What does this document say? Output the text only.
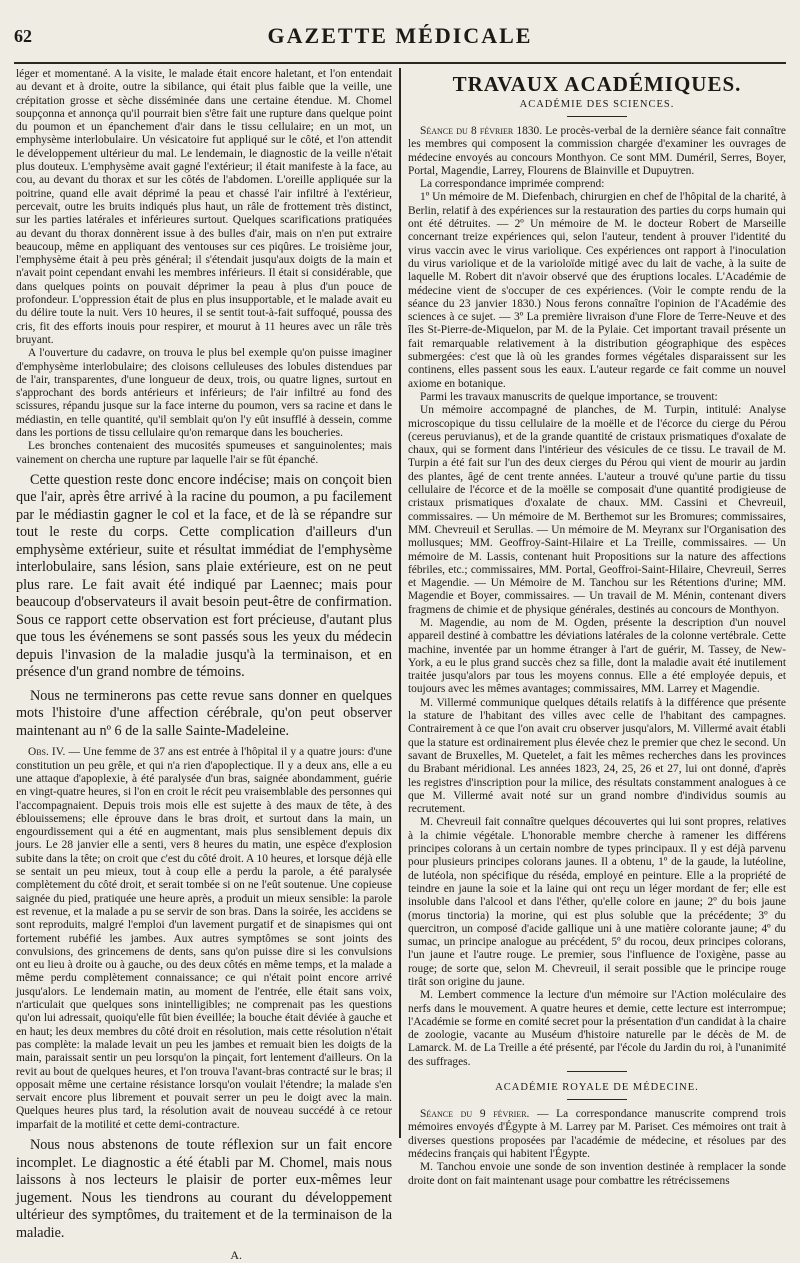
62	GAZETTE MÉDICALE

léger et momentané. A la visite, le malade était encore haletant, et l'on entendait au devant et à droite, outre la sibilance, qui était plus faible que la veille, une crépitation grosse et sèche disséminée dans une certaine étendue. M. Chomel soupçonna et annonça qu'il pourrait bien s'être fait une rupture dans quelque point du poumon et un épanchement d'air dans le tissu cellulaire; en un mot, un emphysème interlobulaire. Un vésicatoire fut appliqué sur le côté, et l'on attendit le développement ultérieur du mal. Le lendemain, le diagnostic de la veille n'était plus douteux. L'emphysème avait gagné l'extérieur; il était manifeste à la face, au cou, au devant du thorax et sur les côtés de l'abdomen. L'oreille appliquée sur la poitrine, quand elle avait déprimé la peau et chassé l'air infiltré à l'extérieur, percevait, outre les bruits indiqués plus haut, un râle de frottement très distinct, sur les parties latérales et inférieures surtout. Quelques scarifications pratiquées au devant du thorax donnèrent issue à des bulles d'air, mais on n'en put extraire beaucoup, même en appliquant des ventouses sur ces piqûres. Le troisième jour, l'emphysème était à peu près général; il s'étendait jusqu'aux doigts de la main et n'avait point cependant envahi les membres inférieurs. Il était si considérable, que dans quelques points on pouvait déprimer la peau à plus d'un pouce de profondeur. L'oppression était de plus en plus insupportable, et le malade avait eu du délire toute la nuit. Vers 10 heures, il se sentit tout-à-fait suffoqué, poussa des cris, fit des efforts inouis pour respirer, et mourut à 11 heures avec un râle très bruyant.

A l'ouverture du cadavre, on trouva le plus bel exemple qu'on puisse imaginer d'emphysème interlobulaire; des cloisons celluleuses des lobules distendues par de l'air, transparentes, d'une longueur de deux, trois, ou quatre lignes, surtout en s'approchant des bords antérieurs et inférieurs; de l'air infiltré au fond des scissures, répandu jusque sur la face interne du poumon, vers sa racine et dans le médiastin, en telle quantité, qu'il semblait qu'on l'y eût insufflé à dessein, comme dans les portions de tissu cellulaire qu'on remarque dans les boucheries.

Les bronches contenaient des mucosités spumeuses et sanguinolentes; mais vainement on chercha une rupture par laquelle l'air se fût épanché.

Cette question reste donc encore indécise; mais on conçoit bien que l'air, après être arrivé à la racine du poumon, a pu facilement par le médiastin gagner le col et la face, et de là se répandre sur tout le reste du corps. Cette complication d'ailleurs d'un emphysème extérieur, suite et résultat immédiat de l'emphysème interlobulaire, sans lésion, sans plaie extérieure, est on ne peut plus rare. Le fait avait été indiqué par Laennec; mais pour beaucoup d'observateurs il avait besoin peut-être de confirmation. Sous ce rapport cette observation est fort précieuse, d'autant plus que tous les événemens se sont passés sous les yeux du médecin depuis l'invasion de la maladie jusqu'à la terminaison, et en présence d'un grand nombre de témoins.

Nous ne terminerons pas cette revue sans donner en quelques mots l'histoire d'une affection cérébrale, qu'on peut observer maintenant au nº 6 de la salle Sainte-Madeleine.

Obs. IV. — Une femme de 37 ans est entrée à l'hôpital il y a quatre jours: d'une constitution un peu grêle, et qui n'a rien d'apoplectique. Il y a deux ans, elle a eu une attaque d'apoplexie, à été paralysée d'un bras, saignée abondamment, guérie en vingt-quatre heures, si l'on en croit le récit peu vraisemblable des personnes qui l'accompagnaient. Depuis trois mois elle est sujette à des maux de tête, à des éblouissemens; elle éprouve dans le bras droit, et surtout dans la main, un engourdissement qui a été en augmentant, mais plus sensiblement depuis dix jours. Le 28 janvier elle a senti, vers 8 heures du matin, une espèce d'explosion subite dans la tête; on croit que c'est du côté droit. A 10 heures, et lorsque déjà elle se sentait un peu mieux, tout à coup elle a perdu la parole, a été paralysée complètement du côté droit, et serait tombée si on ne l'eût soutenue. Une copieuse saignée du pied, pratiquée une heure après, a produit un mieux sensible: la parole est revenue, et la malade a pu se servir de son bras. Dans la soirée, les accidens se sont reproduits, malgré l'emploi d'un lavement purgatif et de sinapismes qui ont fortement rubéfié les jambes. Aux autres symptômes se sont joints des convulsions, des grincemens de dents, sans qu'on puisse dire si les convulsions ont eu lieu à droite ou à gauche, ou des deux côtés en même temps, et la malade a même perdu complètement connaissance; ce qui n'était point encore arrivé jusqu'alors. Le lendemain matin, au moment de l'entrée, elle était sans voix, n'articulait que quelques sons inintelligibles; ne comprenait pas les questions qu'on lui adressait, quoiqu'elle fût bien éveillée; la bouche était déviée à gauche et en haut; les deux membres du côté droit en résolution, mais cette résolution n'était pas complète: la malade levait un peu les jambes et remuait bien les doigts de la main, paraissait sentir un peu lorsqu'on la pinçait, fort lentement d'ailleurs. On la revit au bout de quelques heures, et l'on trouva l'avant-bras contracté sur le bras; il opposait même une certaine résistance lorsqu'on voulait l'étendre; la malade s'en servait encore plus librement et pouvait serrer un peu le doigt avec la main. Quelques heures plus tard, la résolution avait de nouveau succédé à ce retour imparfait de la motilité et cette demi-contracture.

Nous nous abstenons de toute réflexion sur un fait encore incomplet. Le diagnostic a été établi par M. Chomel, mais nous laissons à nos lecteurs le plaisir de porter eux-mêmes leur jugement. Nous les tiendrons au courant du développement ultérieur des symptômes, du traitement et de la terminaison de la maladie.

A.
TRAVAUX ACADÉMIQUES.
ACADÉMIE DES SCIENCES.

Séance du 8 février 1830. Le procès-verbal de la dernière séance fait connaître les membres qui composent la commission chargée d'examiner les ouvrages de médecine envoyés au concours Monthyon. Ce sont MM. Duméril, Serres, Boyer, Portal, Magendie, Larrey, Flourens de Blainville et Dupuytren.

La correspondance imprimée comprend:

1º Un mémoire de M. Diefenbach, chirurgien en chef de l'hôpital de la charité, à Berlin, relatif à des expériences sur la restauration des parties du corps humain qui ont été détruites. — 2º Un mémoire de M. le docteur Robert de Marseille concernant treize expériences qui, selon l'auteur, tendent à prouver l'identité du virus vaccin avec le virus variolique. Ces expériences ont rapport à l'inoculation du virus variolique et de la varioloïde mitigé avec du lait de vache, à la suite de laquelle M. Robert dit n'avoir observé que des éruptions locales. L'Académie de médecine vient de s'occuper de ces expériences. (Voir le compte rendu de la séance du 23 janvier 1830.) Nous ferons connaître l'opinion de l'Académie des sciences à ce sujet. — 3º La première livraison d'une Flore de Terre-Neuve et des îles St-Pierre-de-Miquelon, par M. de la Pylaie. Cet important travail présente un fait remarquable relativement à la distribution géographique des espèces submergées: c'est que là où les grandes formes végétales disparaissent sur les continens, elles passent sous les eaux. L'auteur regarde ce fait comme un nouvel axiome en botanique.

Parmi les travaux manuscrits de quelque importance, se trouvent:

Un mémoire accompagné de planches, de M. Turpin, intitulé: Analyse microscopique du tissu cellulaire de la moëlle et de l'écorce du cierge du Pérou (cereus peruvianus), et de la grande quantité de cristaux prismatiques d'oxalate de chaux, qui se forment dans l'intérieur des vésicules de ce tissu. Le travail de M. Turpin a été fait sur l'un des deux cierges du Pérou qui vient de mourir au jardin des plantes, âgé de cent trente années. L'auteur a trouvé qu'une partie du tissu cellulaire de l'écorce et de la moëlle se composait d'une quantité prodigieuse de cristaux prismatiques d'oxalate de chaux. MM. Cassini et Chevreuil, commissaires. — Un mémoire de M. Berthemot sur les Bromures; commissaires, MM. Chevreuil et Serullas. — Un mémoire de M. Meyranx sur l'Organisation des mollusques; MM. Geoffroy-Saint-Hilaire et La Treille, commissaires. — Un mémoire de M. Lassis, contenant huit Propositions sur la nature des affections fébriles, etc.; commissaires, MM. Portal, Geoffroi-Saint-Hilaire, Chevreuil, Serres et Magendie. — Un Mémoire de M. Tanchou sur les Rétentions d'urine; MM. Magendie et Boyer, commissaires. — Un travail de M. Ménin, contenant divers fragmens de chimie et de physique générales, destinés au concours de Monthyon.

M. Magendie, au nom de M. Ogden, présente la description d'un nouvel appareil destiné à combattre les déviations latérales de la colonne vertébrale. Cette machine, inventée par un homme étranger à l'art de guérir, M. Tassey, de New-York, a eu le plus grand succès chez sa fille, dont la maladie avait été inutilement traitée jusqu'alors par tous les moyens connus. Elle a été employée depuis, et toujours avec les mêmes avantages; commissaires, MM. Larrey et Magendie.

M. Villermé communique quelques détails relatifs à la différence que présente la stature de l'habitant des villes avec celle de l'habitant des campagnes. Contrairement à ce que l'on avait cru observer jusqu'alors, M. Villermé avait établi que la stature est ordinairement plus élevée chez le premier que chez le second. Un savant de Bruxelles, M. Quetelet, a fait les mêmes recherches dans les provinces du Brabant méridional. Les années 1823, 24, 25, 26 et 27, lui ont donné, d'après les registres d'inscription pour la milice, des résultats constamment analogues à ce que M. Villermé avait noté sur un grand nombre d'individus soumis au recrutement.

M. Chevreuil fait connaître quelques découvertes qui lui sont propres, relatives à la chimie végétale. L'honorable membre cherche à ramener les différens principes colorans à un certain nombre de types principaux. Il y est déjà parvenu pour plusieurs principes colorans jaunes. Il a obtenu, 1º de la gaude, la lutéoline, de lutéola, non spécifique du réséda, employé en peinture. Elle a la propriété de teindre en jaune la soie et la laine qui ont reçu un léger mordant de fer; elle est insoluble dans l'alcool et dans l'éther, qu'elle colore en jaune; 2º du bois jaune (morus tinctoria) la morine, qui est plus soluble que la précédente; 3º du quercitron, un composé d'acide gallique uni à une matière colorante jaune; 4º du sumac, un principe analogue au précédent, 5º du rocou, deux principes colorans, l'un jaune et l'autre rouge. Le premier, sous l'influence de l'oxigène, passe au rouge; de sorte que, selon M. Chevreuil, il serait possible que le principe rouge tirât son origine du jaune.

M. Lembert commence la lecture d'un mémoire sur l'Action moléculaire des nerfs dans le mouvement. A quatre heures et demie, cette lecture est interrompue; l'Académie se forme en comité secret pour la présentation d'un candidat à la chaire de zoologie, vacante au Muséum d'histoire naturelle par le décès de M. de Lamarck. M. de La Treille a été présenté, par l'école du Jardin du roi, à l'unanimité des suffrages.

ACADÉMIE ROYALE DE MÉDECINE.

Séance du 9 février. — La correspondance manuscrite comprend trois mémoires envoyés d'Égypte à M. Larrey par M. Pariset. Ces mémoires ont trait à diverses questions proposées par l'académie de médecine, et résolues par des médecins français qui habitent l'Égypte.

M. Tanchou envoie une sonde de son invention destinée à remplacer la sonde droite dont on fait maintenant usage pour combattre les rétrécissemens
